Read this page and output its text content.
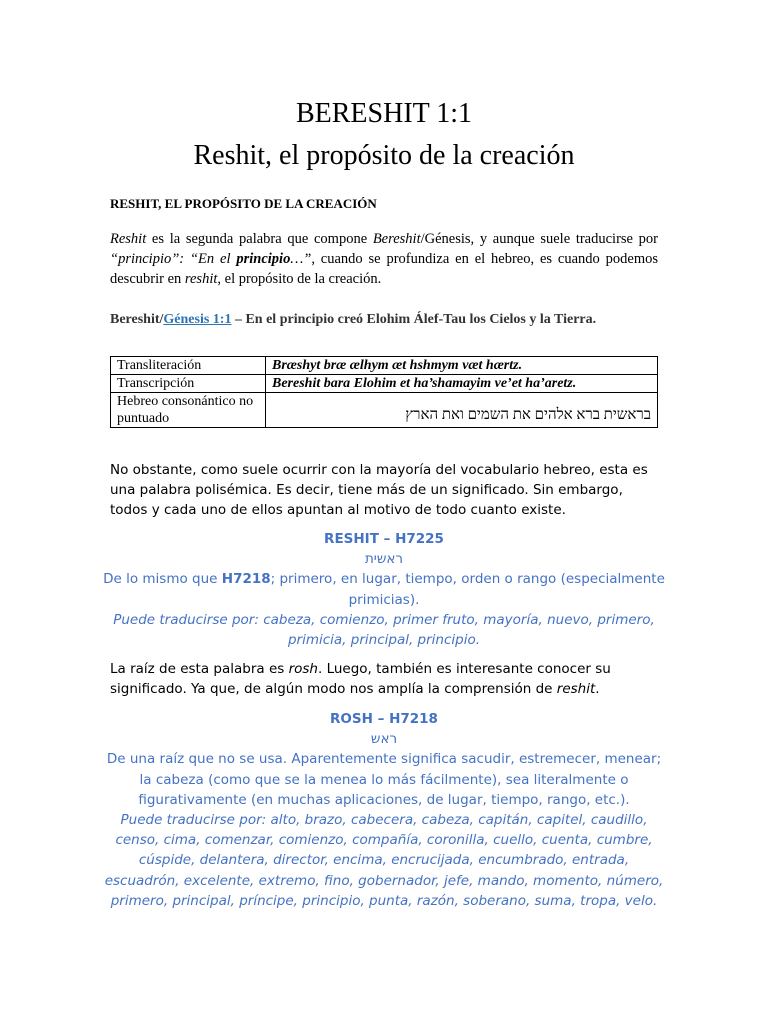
BERESHIT 1:1
Reshit, el propósito de la creación
RESHIT, EL PROPÓSITO DE LA CREACIÓN

Reshit es la segunda palabra que compone Bereshit/Génesis, y aunque suele traducirse por “principio”: “En el principio…”, cuando se profundiza en el hebreo, es cuando podemos descubrir en reshit, el propósito de la creación.

Bereshit/Génesis 1:1 – En el principio creó Elohim Álef-Tau los Cielos y la Tierra.

Transliteración	Bræshyt bræ ælhym æt hshmym væt hærtz.
Transcripción	Bereshit bara Elohim et ha’shamayim ve’et ha’aretz.
Hebreo consonántico no puntuado	בראשית ברא אלהים את השמים ואת הארץ

No obstante, como suele ocurrir con la mayoría del vocabulario hebreo, esta es una palabra polisémica. Es decir, tiene más de un significado. Sin embargo, todos y cada uno de ellos apuntan al motivo de todo cuanto existe.

RESHIT – H7225
ראשית
De lo mismo que H7218; primero, en lugar, tiempo, orden o rango (especialmente primicias).
Puede traducirse por: cabeza, comienzo, primer fruto, mayoría, nuevo, primero, primicia, principal, principio.

La raíz de esta palabra es rosh. Luego, también es interesante conocer su significado. Ya que, de algún modo nos amplía la comprensión de reshit.

ROSH – H7218
ראש
De una raíz que no se usa. Aparentemente significa sacudir, estremecer, menear; la cabeza (como que se la menea lo más fácilmente), sea literalmente o figurativamente (en muchas aplicaciones, de lugar, tiempo, rango, etc.).
Puede traducirse por: alto, brazo, cabecera, cabeza, capitán, capitel, caudillo, censo, cima, comenzar, comienzo, compañía, coronilla, cuello, cuenta, cumbre, cúspide, delantera, director, encima, encrucijada, encumbrado, entrada, escuadrón, excelente, extremo, fino, gobernador, jefe, mando, momento, número, primero, principal, príncipe, principio, punta, razón, soberano, suma, tropa, velo.
